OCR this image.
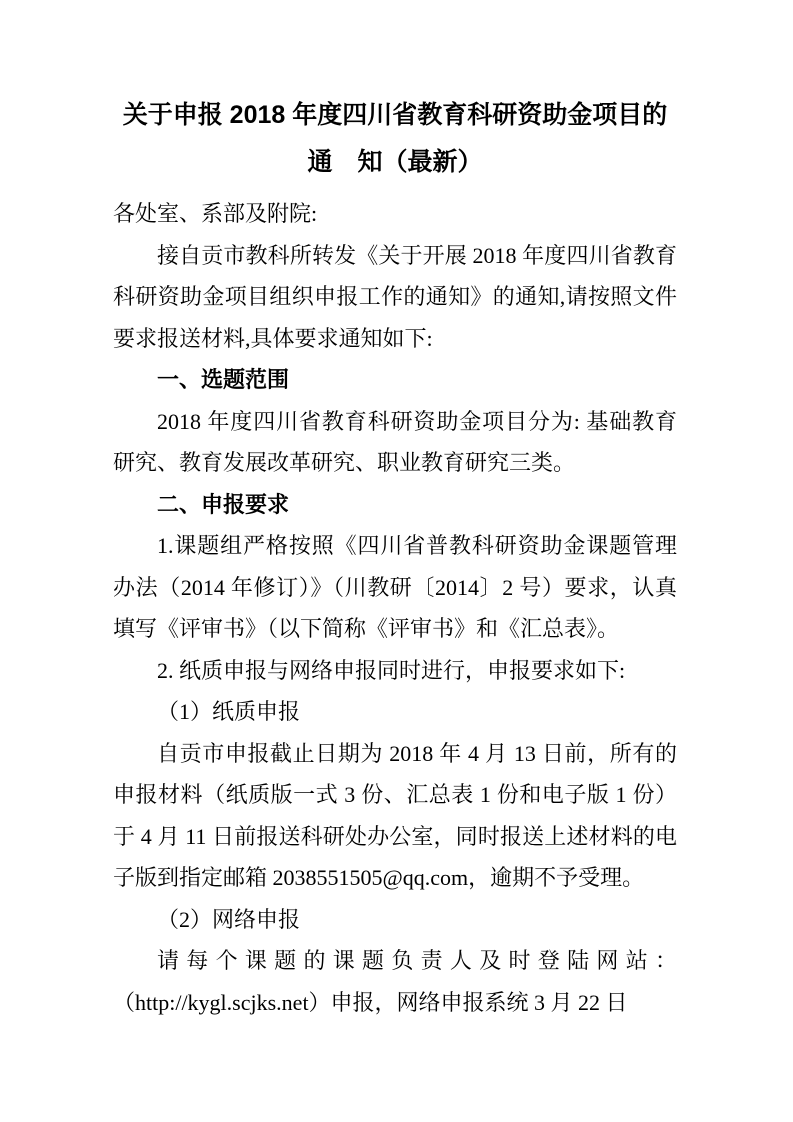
关于申报 2018 年度四川省教育科研资助金项目的
通　知（最新）

各处室、系部及附院:

接自贡市教科所转发《关于开展 2018 年度四川省教育科研资助金项目组织申报工作的通知》的通知,请按照文件要求报送材料,具体要求通知如下:

一、选题范围

2018 年度四川省教育科研资助金项目分为: 基础教育研究、教育发展改革研究、职业教育研究三类。

二、申报要求

1.课题组严格按照《四川省普教科研资助金课题管理办法（2014 年修订）》（川教研〔2014〕2 号）要求，认真填写《评审书》（以下简称《评审书》和《汇总表》。

2. 纸质申报与网络申报同时进行，申报要求如下:

（1）纸质申报

自贡市申报截止日期为 2018 年 4 月 13 日前，所有的申报材料（纸质版一式 3 份、汇总表 1 份和电子版 1 份）于 4 月 11 日前报送科研处办公室，同时报送上述材料的电子版到指定邮箱 2038551505@qq.com，逾期不予受理。

（2）网络申报

请每个课题的课题负责人及时登陆网站：（http://kygl.scjks.net）申报，网络申报系统 3 月 22 日
